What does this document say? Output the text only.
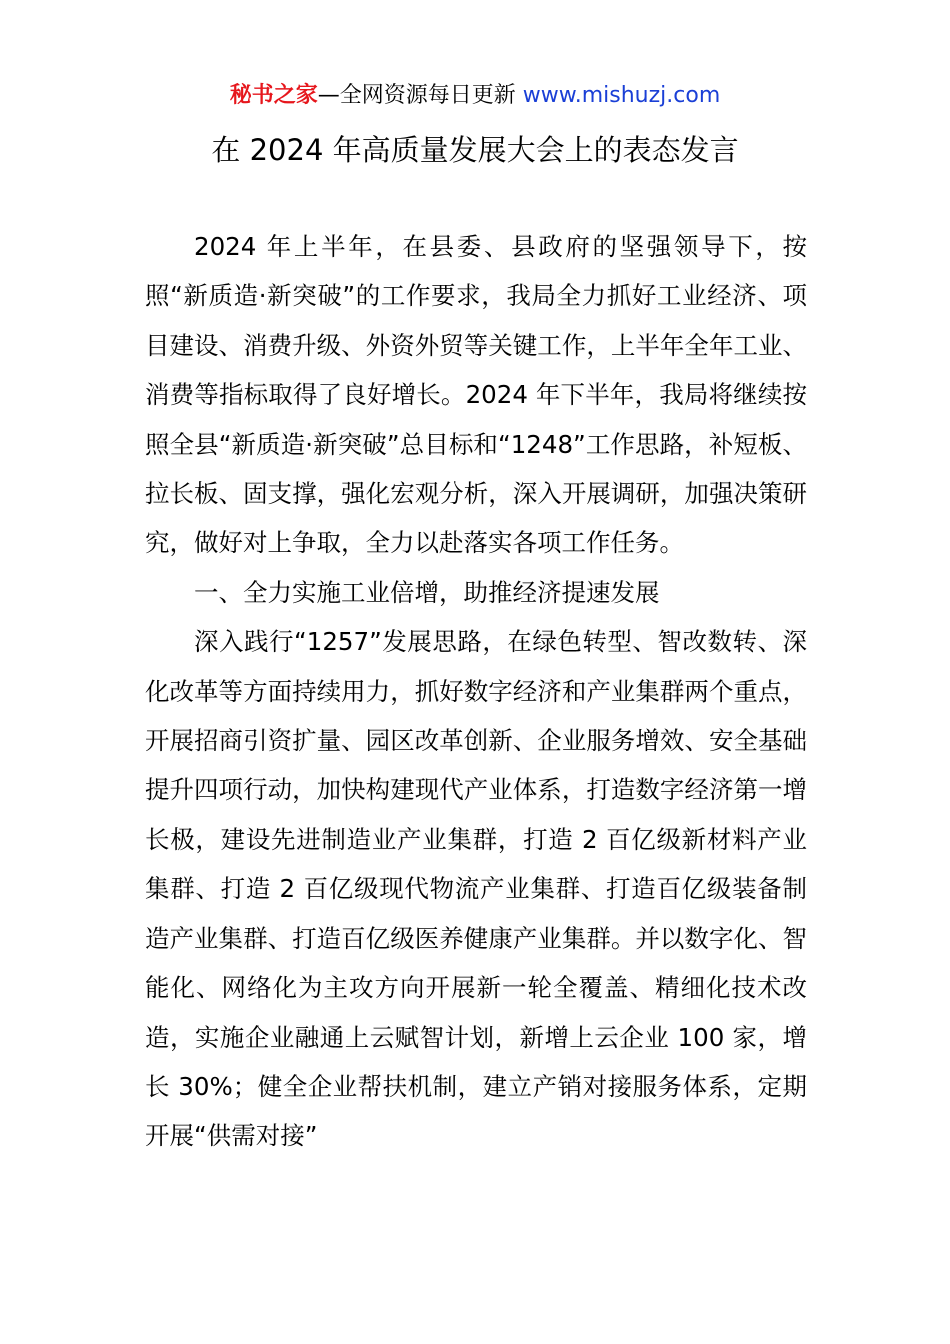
秘书之家—全网资源每日更新 www.mishuzj.com
在 2024 年高质量发展大会上的表态发言

2024 年上半年，在县委、县政府的坚强领导下，按照“新质造·新突破”的工作要求，我局全力抓好工业经济、项目建设、消费升级、外资外贸等关键工作，上半年全年工业、消费等指标取得了良好增长。2024 年下半年，我局将继续按照全县“新质造·新突破”总目标和“1248”工作思路，补短板、拉长板、固支撑，强化宏观分析，深入开展调研，加强决策研究，做好对上争取，全力以赴落实各项工作任务。

一、全力实施工业倍增，助推经济提速发展

深入践行“1257”发展思路，在绿色转型、智改数转、深化改革等方面持续用力，抓好数字经济和产业集群两个重点，开展招商引资扩量、园区改革创新、企业服务增效、安全基础提升四项行动，加快构建现代产业体系，打造数字经济第一增长极，建设先进制造业产业集群，打造 2 百亿级新材料产业集群、打造 2 百亿级现代物流产业集群、打造百亿级装备制造产业集群、打造百亿级医养健康产业集群。并以数字化、智能化、网络化为主攻方向开展新一轮全覆盖、精细化技术改造，实施企业融通上云赋智计划，新增上云企业 100 家，增长 30%；健全企业帮扶机制，建立产销对接服务体系，定期开展“供需对接”
